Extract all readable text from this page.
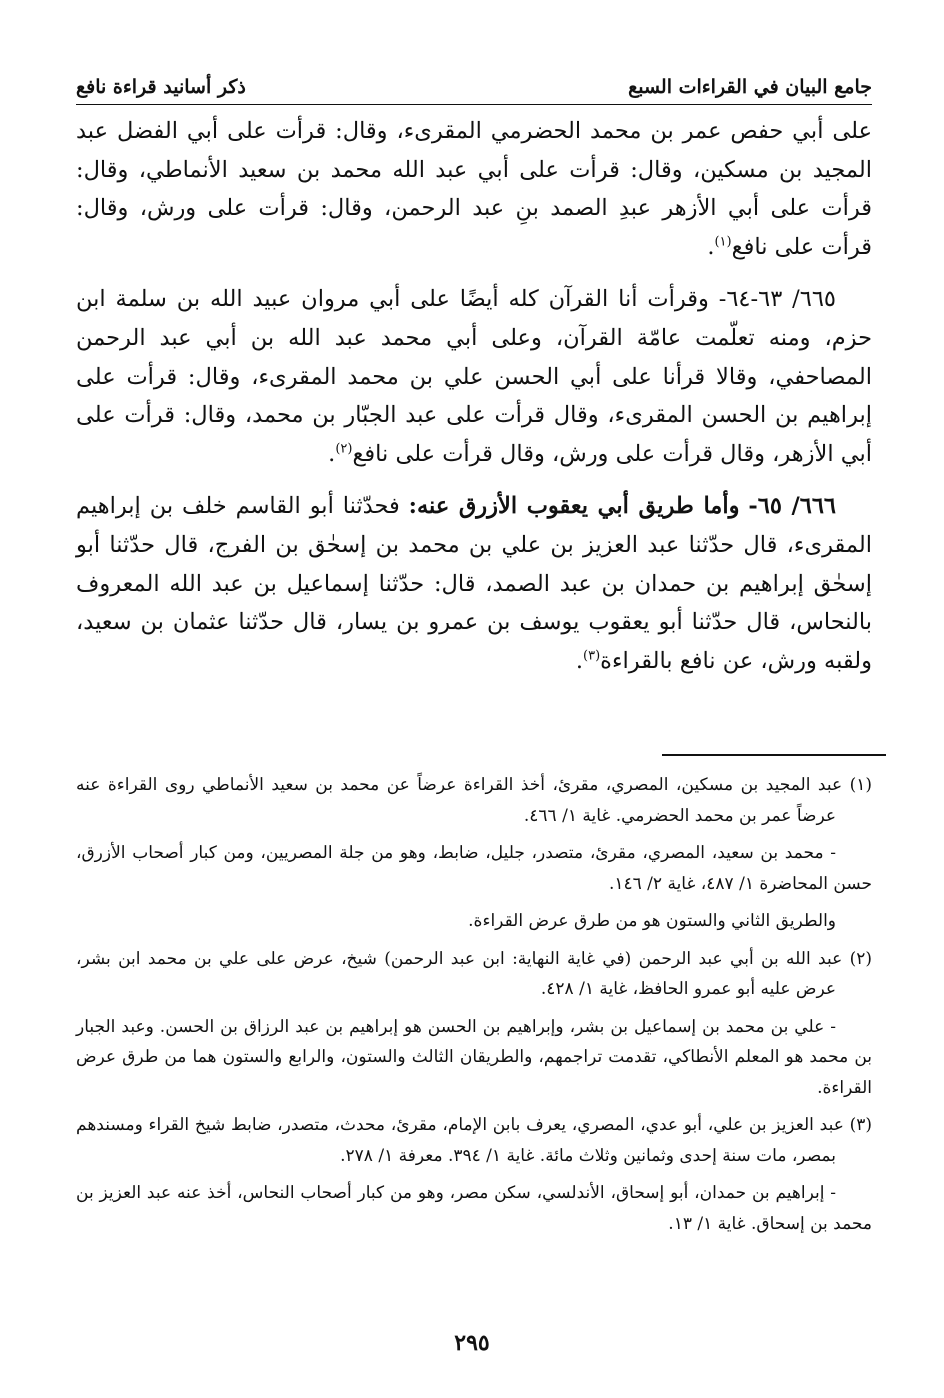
جامع البيان في القراءات السبع
ذكر أسانيد قراءة نافع

على أبي حفص عمر بن محمد الحضرمي المقرىء، وقال: قرأت على أبي الفضل عبد المجيد بن مسكين، وقال: قرأت على أبي عبد الله محمد بن سعيد الأنماطي، وقال: قرأت على أبي الأزهر عبدِ الصمد بنِ عبد الرحمن، وقال: قرأت على ورش، وقال: قرأت على نافع$^{(١)}$.

٦٦٥/ ٦٣-٦٤- وقرأت أنا القرآن كله أيضًا على أبي مروان عبيد الله بن سلمة ابن حزم، ومنه تعلّمت عامّة القرآن، وعلى أبي محمد عبد الله بن أبي عبد الرحمن المصاحفي، وقالا قرأنا على أبي الحسن علي بن محمد المقرىء، وقال: قرأت على إبراهيم بن الحسن المقرىء، وقال قرأت على عبد الجبّار بن محمد، وقال: قرأت على أبي الأزهر، وقال قرأت على ورش، وقال قرأت على نافع$^{(٢)}$.

٦٦٦/ ٦٥- وأما طريق أبي يعقوب الأزرق عنه: فحدّثنا أبو القاسم خلف بن إبراهيم المقرىء، قال حدّثنا عبد العزيز بن علي بن محمد بن إسحٰق بن الفرج، قال حدّثنا أبو إسحٰق إبراهيم بن حمدان بن عبد الصمد، قال: حدّثنا إسماعيل بن عبد الله المعروف بالنحاس، قال حدّثنا أبو يعقوب يوسف بن عمرو بن يسار، قال حدّثنا عثمان بن سعيد، ولقبه ورش، عن نافع بالقراءة$^{(٣)}$.

(١) عبد المجيد بن مسكين، المصري، مقرئ، أخذ القراءة عرضاً عن محمد بن سعيد الأنماطي روى القراءة عنه عرضاً عمر بن محمد الحضرمي. غاية ١/ ٤٦٦.

- محمد بن سعيد، المصري، مقرئ، متصدر، جليل، ضابط، وهو من جلة المصريين، ومن كبار أصحاب الأزرق، حسن المحاضرة ١/ ٤٨٧، غاية ٢/ ١٤٦.

والطريق الثاني والستون هو من طرق عرض القراءة.

(٢) عبد الله بن أبي عبد الرحمن (في غاية النهاية: ابن عبد الرحمن) شيخ، عرض على علي بن محمد ابن بشر، عرض عليه أبو عمرو الحافظ، غاية ١/ ٤٢٨.

- علي بن محمد بن إسماعيل بن بشر، وإبراهيم بن الحسن هو إبراهيم بن عبد الرزاق بن الحسن. وعبد الجبار بن محمد هو المعلم الأنطاكي، تقدمت تراجمهم، والطريقان الثالث والستون، والرابع والستون هما من طرق عرض القراءة.

(٣) عبد العزيز بن علي، أبو عدي، المصري، يعرف بابن الإمام، مقرئ، محدث، متصدر، ضابط شيخ القراء ومسندهم بمصر، مات سنة إحدى وثمانين وثلاث مائة. غاية ١/ ٣٩٤. معرفة ١/ ٢٧٨.

- إبراهيم بن حمدان، أبو إسحاق، الأندلسي، سكن مصر، وهو من كبار أصحاب النحاس، أخذ عنه عبد العزيز بن محمد بن إسحاق. غاية ١/ ١٣.

٢٩٥
